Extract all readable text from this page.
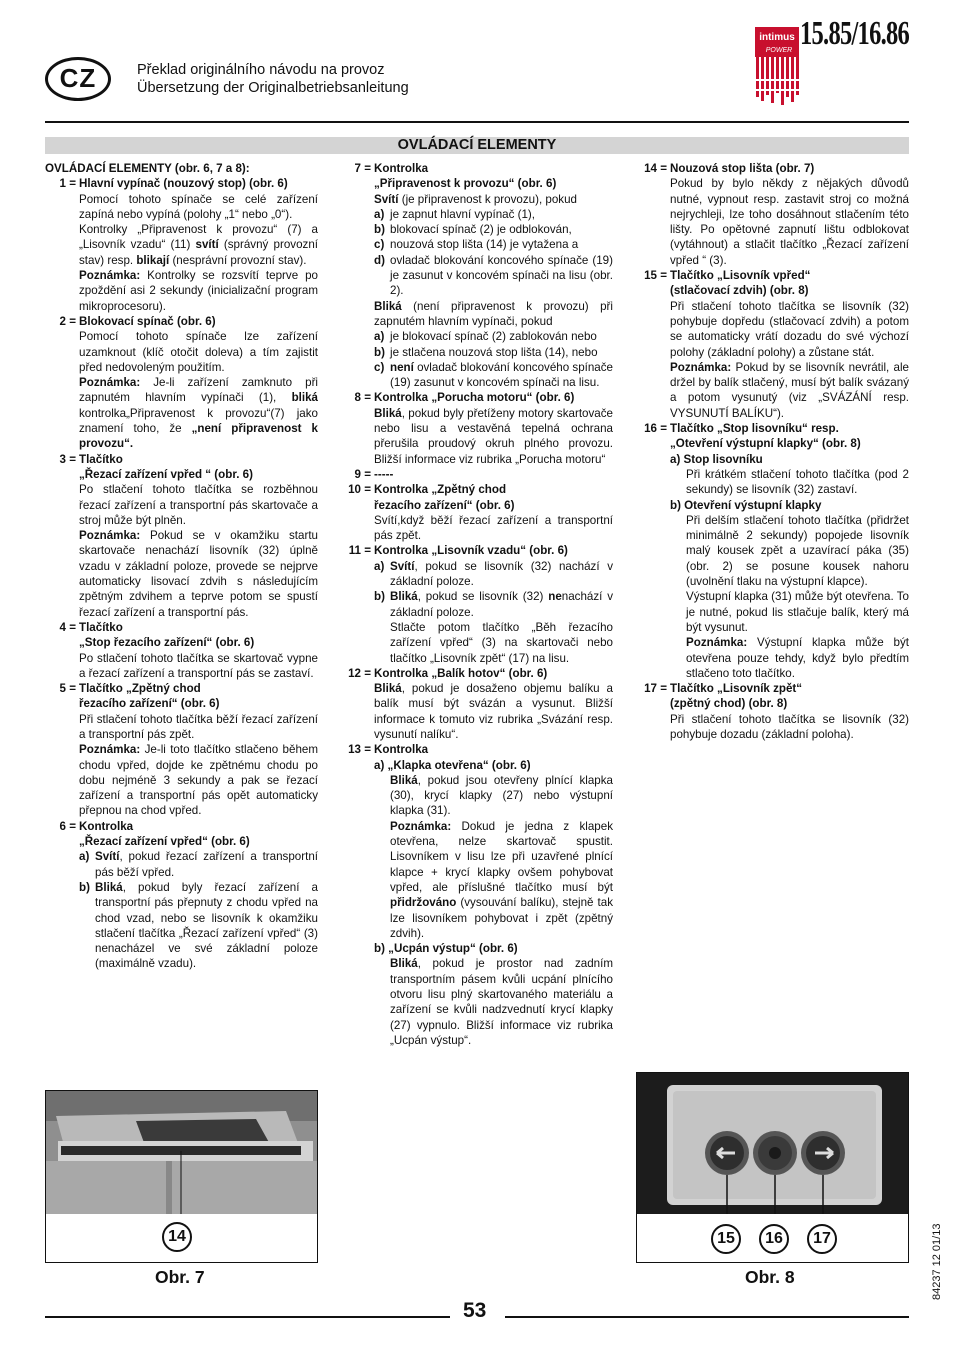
CZ	Překlad originálního návodu na provoz
Übersetzung der Originalbetriebsanleitung
intimus
POWER 15.85/16.86
OVLÁDACÍ ELEMENTY
OVLÁDACÍ ELEMENTY (obr. 6, 7 a 8):
1 = Hlavní vypínač (nouzový stop) (obr. 6)
Pomocí tohoto spínače se celé zařízení zapíná nebo vypíná (polohy „1“ nebo „0“).
Kontrolky „Připravenost k provozu“ (7) a „Lisovník vzadu“ (11) svítí (správný provozní stav) resp. blikají (nesprávní provozní stav).
Poznámka: Kontrolky se rozsvítí teprve po zpoždění asi 2 sekundy (inicializační program mikroprocesoru).
2 = Blokovací spínač (obr. 6)
Pomocí tohoto spínače lze zařízení uzamknout (klíč otočit doleva) a tím zajistit před nedovoleným použitím.
Poznámka: Je-li zařízení zamknuto při zapnutém hlavním vypínači (1), bliká kontrolka„Připravenost k provozu“(7) jako znamení toho, že „není připravenost k provozu“.
3 = Tlačítko
„Řezací zařízení vpřed “ (obr. 6)
Po stlačení tohoto tlačítka se rozběhnou řezací zařízení a transportní pás skartovače a stroj může být plněn.
Poznámka: Pokud se v okamžiku startu skartovače nenachází lisovník (32) úplně vzadu v základní poloze, provede se nejprve automaticky lisovací zdvih s následujícím zpětným zdvihem a teprve potom se spustí řezací zařízení a transportní pás.
4 = Tlačítko
„Stop řezacího zařízení“ (obr. 6)
Po stlačení tohoto tlačítka se skartovač vypne a řezací zařízení a transportní pás se zastaví.
5 = Tlačítko „Zpětný chod
řezacího zařízení“ (obr. 6)
Při stlačení tohoto tlačítka běží řezací zařízení a transportní pás zpět.
Poznámka: Je-li toto tlačítko stlačeno během chodu vpřed, dojde ke zpětnému chodu po dobu nejméně 3 sekundy a pak se řezací zařízení a transportní pás opět automaticky přepnou na chod vpřed.
6 = Kontrolka
„Řezací zařízení vpřed“ (obr. 6)
a) Svítí, pokud řezací zařízení a transportní pás běží vpřed.
b) Bliká, pokud byly řezací zařízení a transportní pás přepnuty z chodu vpřed na chod vzad, nebo se lisovník k okamžiku stlačení tlačítka „Řezací zařízení vpřed“ (3) nenacházel ve své základní poloze (maximálně vzadu).
7 = Kontrolka
„Připravenost k provozu“ (obr. 6)
Svítí (je připravenost k provozu), pokud
a) je zapnut hlavní vypínač (1),
b) blokovací spínač (2) je odblokován,
c) nouzová stop lišta (14) je vytažena a
d) ovladač blokování koncového spínače (19) je zasunut v koncovém spínači na lisu (obr. 2).
Bliká (není připravenost k provozu) při zapnutém hlavním vypínači, pokud
a) je blokovací spínač (2) zablokován nebo
b) je stlačena nouzová stop lišta (14), nebo
c) není ovladač blokování koncového spínače (19) zasunut v koncovém spínači na lisu.
8 = Kontrolka „Porucha motoru“ (obr. 6)
Bliká, pokud byly přetíženy motory skartovače nebo lisu a vestavěná tepelná ochrana přerušila proudový okruh plného provozu. Bližší informace viz rubrika „Porucha motoru“
9 = -----
10 = Kontrolka „Zpětný chod
řezacího zařízení“ (obr. 6)
Svítí,když běží řezací zařízení a transportní pás zpět.
11 = Kontrolka „Lisovník vzadu“ (obr. 6)
a) Svítí, pokud se lisovník (32) nachází v základní poloze.
b) Bliká, pokud se lisovník (32) nenachází v základní poloze.
Stlačte potom tlačítko „Běh řezacího zařízení vpřed“ (3) na skartovači nebo tlačítko „Lisovník zpět“ (17) na lisu.
12 = Kontrolka „Balík hotov“ (obr. 6)
Bliká, pokud je dosaženo objemu balíku a balík musí být svázán a vysunut. Bližší informace k tomuto viz rubrika „Svázání resp. vysunutí nalíku“.
13 = Kontrolka
a) „Klapka otevřena“ (obr. 6)
Bliká, pokud jsou otevřeny plnící klapka (30), krycí klapky (27) nebo výstupní klapka (31).
Poznámka: Dokud je jedna z klapek otevřena, nelze skartovač spustit. Lisovníkem v lisu lze při uzavřené plnící klapce + krycí klapky ovšem pohybovat vpřed, ale příslušné tlačítko musí být přidržováno (vysouvání balíku), stejně tak lze lisovníkem pohybovat i zpět (zpětný zdvih).
b) „Ucpán výstup“ (obr. 6)
Bliká, pokud je prostor nad zadním transportním pásem kvůli ucpání plnícího otvoru lisu plný skartovaného materiálu a zařízení se kvůli nadzvednutí krycí klapky (27) vypnulo. Bližší informace viz rubrika „Ucpán výstup“.
14 = Nouzová stop lišta (obr. 7)
Pokud by bylo někdy z nějakých důvodů nutné, vypnout resp. zastavit stroj co možná nejrychleji, lze toho dosáhnout stlačením této lišty. Po opětovné zapnutí lištu odblokovat (vytáhnout) a stlačit tlačítko „Řezací zařízení vpřed “ (3).
15 = Tlačítko „Lisovník vpřed“
(stlačovací zdvih) (obr. 8)
Při stlačení tohoto tlačítka se lisovník (32) pohybuje dopředu (stlačovací zdvih) a potom se automaticky vrátí dozadu do své výchozí polohy (základní polohy) a zůstane stát.
Poznámka: Pokud by se lisovník nevrátil, ale držel by balík stlačený, musí být balík svázaný a potom vysunutý (viz „SVÁZÁNÍ resp. VYSUNUTÍ BALÍKU“).
16 = Tlačítko „Stop lisovníku“ resp.
„Otevření výstupní klapky“ (obr. 8)
a) Stop lisovníku
Při krátkém stlačení tohoto tlačítka (pod 2 sekundy) se lisovník (32) zastaví.
b) Otevření výstupní klapky
Při delším stlačení tohoto tlačítka (přidržet minimálně 2 sekundy) popojede lisovník malý kousek zpět a uzavírací páka (35) (obr. 2) se posune kousek nahoru (uvolnění tlaku na výstupní klapce).
Výstupní klapka (31) může být otevřena. To je nutné, pokud lis stlačuje balík, který má být vysunut.
Poznámka: Výstupní klapka může být otevřena pouze tehdy, když bylo předtím stlačeno toto tlačítko.
17 = Tlačítko „Lisovník zpět“
(zpětný chod) (obr. 8)
Při stlačení tohoto tlačítka se lisovník (32) pohybuje dozadu (základní poloha).
14
Obr. 7
15	16	17
Obr. 8	84237 12 01/13
53
